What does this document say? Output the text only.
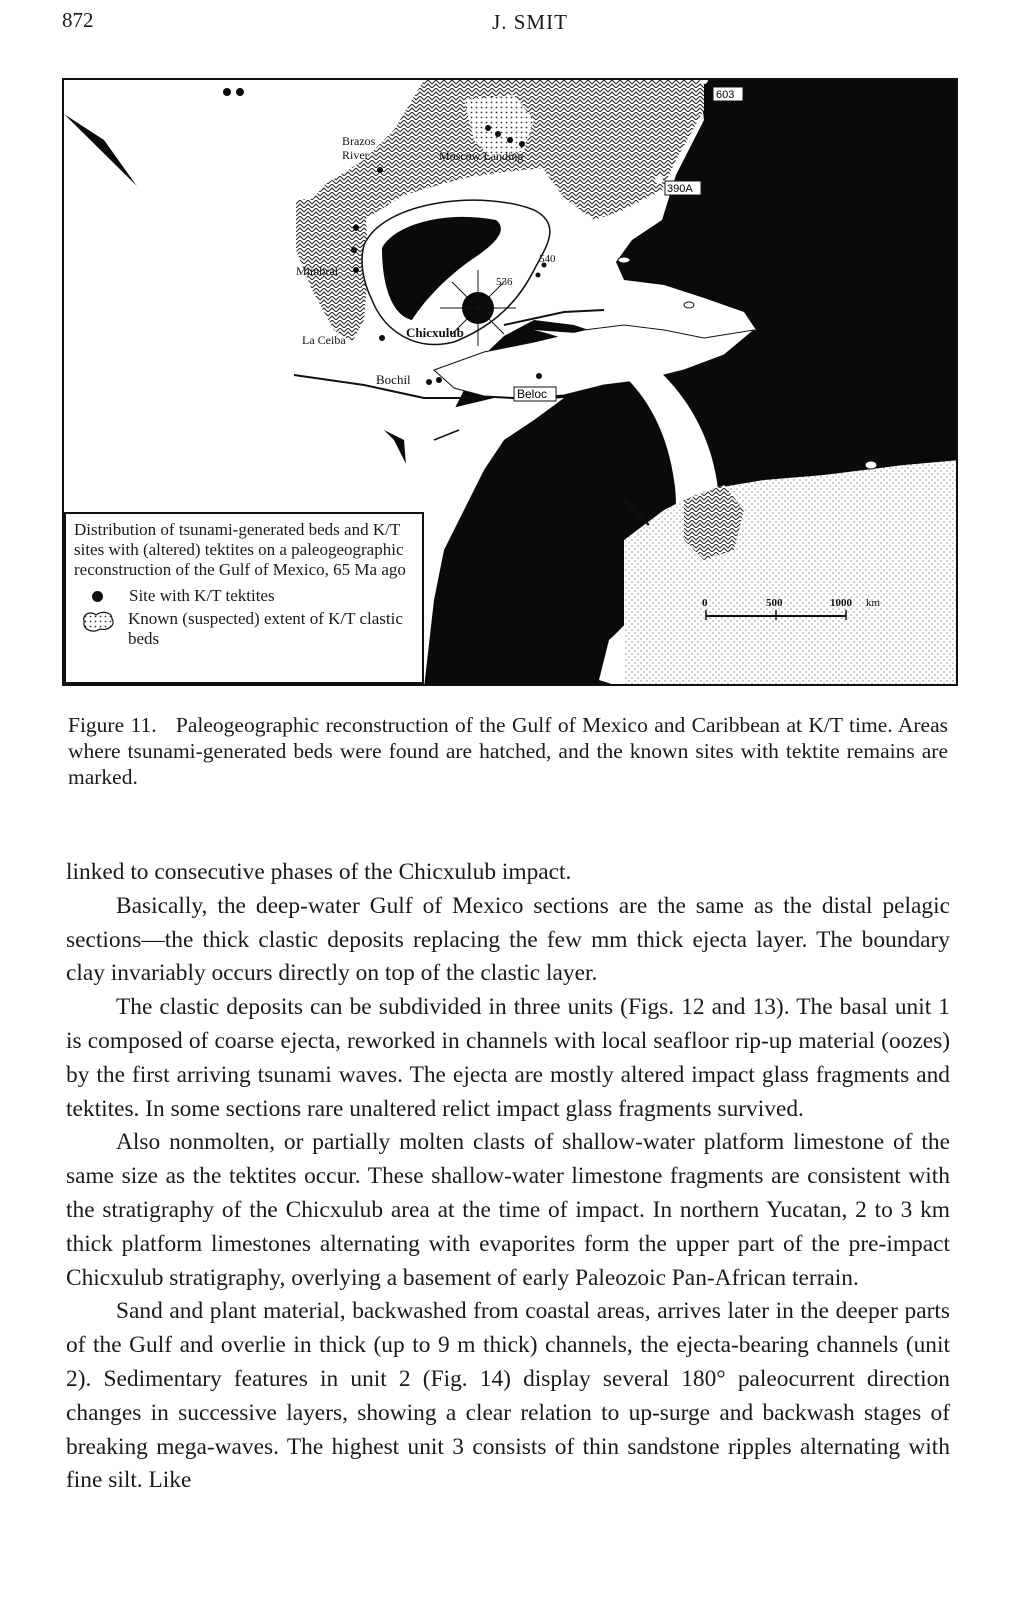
872	J. SMIT
Brazos
River	Moscow Landing
Mimbral
La Ceiba	Chicxulub
Bochil
540
536
603
390A
Beloc
0	500	1000 km

Distribution of tsunami-generated beds and K/T sites with (altered) tektites on a paleogeographic reconstruction of the Gulf of Mexico, 65 Ma ago

Site with K/T tektites
Known (suspected) extent of K/T clastic beds
Figure 11. Paleogeographic reconstruction of the Gulf of Mexico and Caribbean at K/T time. Areas where tsunami-generated beds were found are hatched, and the known sites with tektite remains are marked.

linked to consecutive phases of the Chicxulub impact.

Basically, the deep-water Gulf of Mexico sections are the same as the distal pelagic sections—the thick clastic deposits replacing the few mm thick ejecta layer. The boundary clay invariably occurs directly on top of the clastic layer.

The clastic deposits can be subdivided in three units (Figs. 12 and 13). The basal unit 1 is composed of coarse ejecta, reworked in channels with local seafloor rip-up material (oozes) by the first arriving tsunami waves. The ejecta are mostly altered impact glass fragments and tektites. In some sections rare unaltered relict impact glass fragments survived.

Also nonmolten, or partially molten clasts of shallow-water platform limestone of the same size as the tektites occur. These shallow-water limestone fragments are consistent with the stratigraphy of the Chicxulub area at the time of impact. In northern Yucatan, 2 to 3 km thick platform limestones alternating with evaporites form the upper part of the pre-impact Chicxulub stratigraphy, overlying a basement of early Paleozoic Pan-African terrain.

Sand and plant material, backwashed from coastal areas, arrives later in the deeper parts of the Gulf and overlie in thick (up to 9 m thick) channels, the ejecta-bearing channels (unit 2). Sedimentary features in unit 2 (Fig. 14) display several 180° paleocurrent direction changes in successive layers, showing a clear relation to up-surge and backwash stages of breaking mega-waves. The highest unit 3 consists of thin sandstone ripples alternating with fine silt. Like
